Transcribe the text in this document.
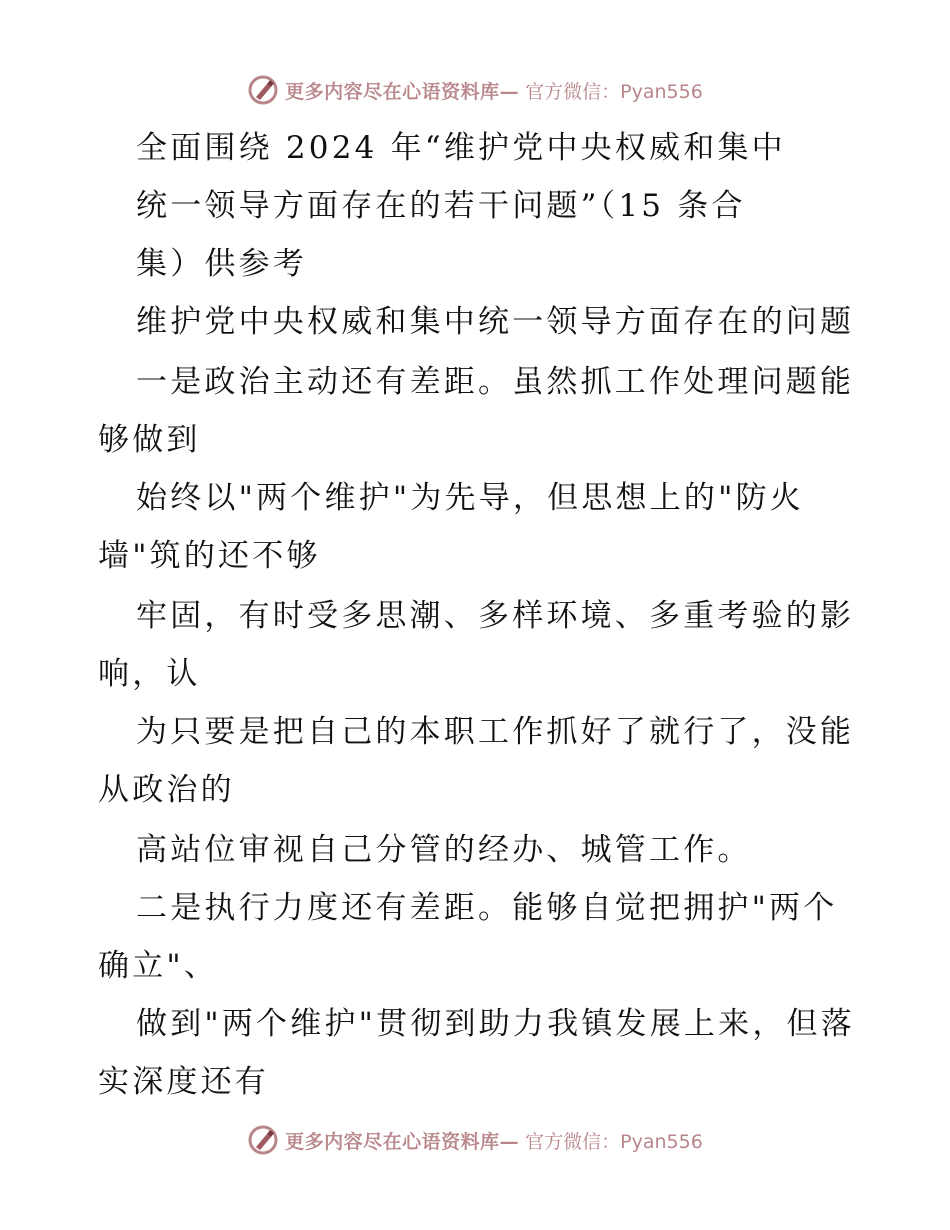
更多内容尽在心语资料库— 官方微信：Pyan556
全面围绕 2024 年“维护党中央权威和集中
统一领导方面存在的若干问题”（15 条合
集）供参考
维护党中央权威和集中统一领导方面存在的问题
一是政治主动还有差距。虽然抓工作处理问题能
够做到
始终以"两个维护"为先导，但思想上的"防火
墙"筑的还不够
牢固，有时受多思潮、多样环境、多重考验的影
响，认
为只要是把自己的本职工作抓好了就行了，没能
从政治的
高站位审视自己分管的经办、城管工作。
二是执行力度还有差距。能够自觉把拥护"两个
确立"、
做到"两个维护"贯彻到助力我镇发展上来，但落
实深度还有
更多内容尽在心语资料库— 官方微信：Pyan556
